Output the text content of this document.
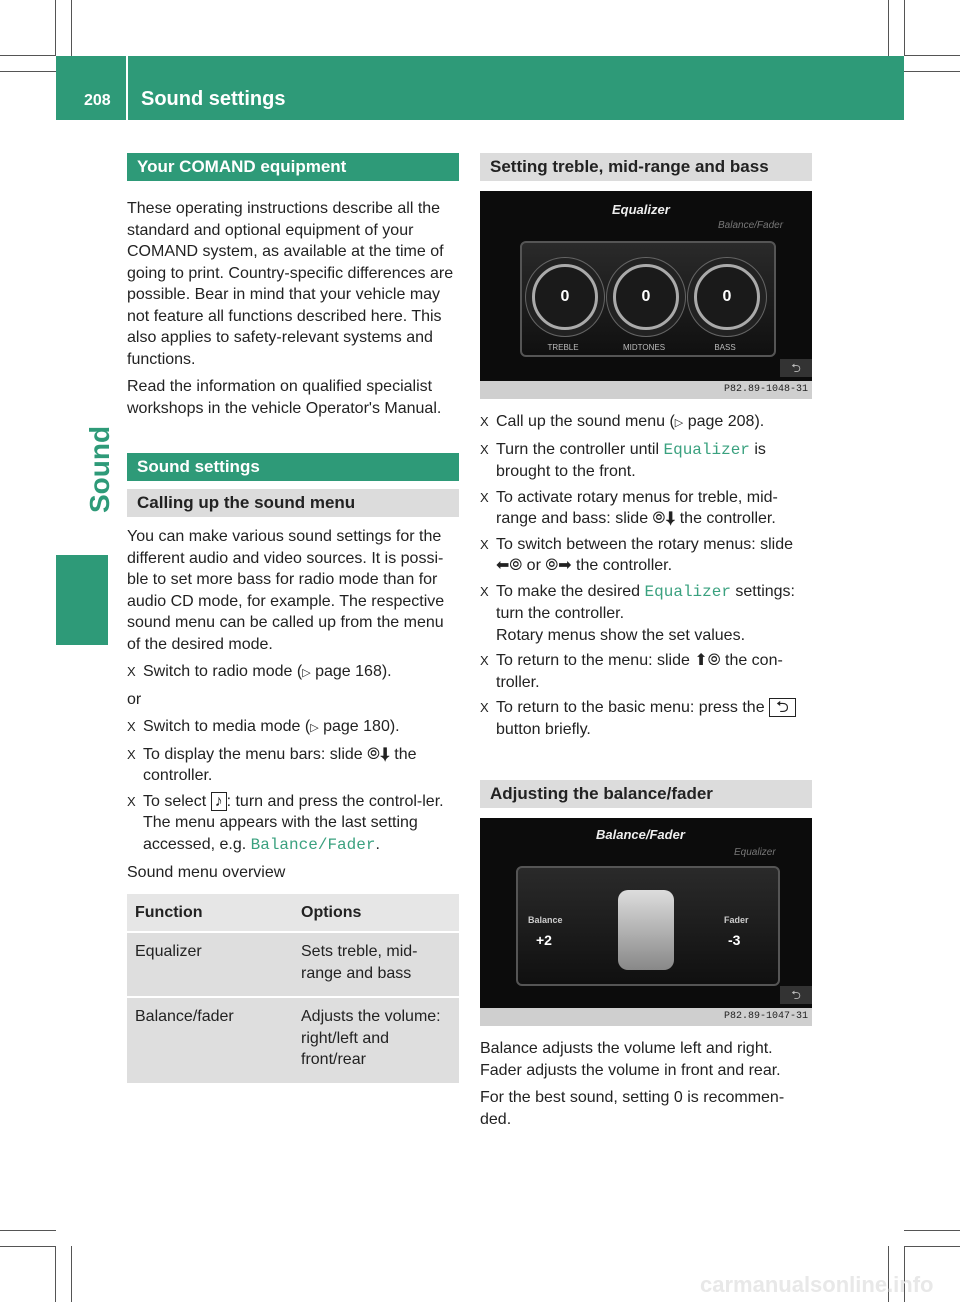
208 Sound settings
Sound
Your COMAND equipment

These operating instructions describe all the standard and optional equipment of your COMAND system, as available at the time of going to print. Country-specific differences are possible. Bear in mind that your vehicle may not feature all functions described here. This also applies to safety-relevant systems and functions.

Read the information on qualified specialist workshops in the vehicle Operator's Manual.

Sound settings
Calling up the sound menu

You can make various sound settings for the different audio and video sources. It is possi-ble to set more bass for radio mode than for audio CD mode, for example. The respective sound menu can be called up from the menu of the desired mode.

X Switch to radio mode (▷ page 168).

or

X Switch to media mode (▷ page 180).
X To display the menu bars: slide ⦾⬇ the
controller.
X To select ♪ : turn and press the control-ler.
The menu appears with the last setting
accessed, e.g. Balance/Fader.

Sound menu overview

Function	Options
Equalizer	Sets treble, mid-range and bass
Balance/fader	Adjusts the volume: right/left and front/rear
Setting treble, mid-range and bass
Equalizer
Balance/Fader
0	0	0
TREBLE	MIDTONES	BASS
⮌
P82.89-1048-31
X Call up the sound menu (▷ page 208).
X Turn the controller until Equalizer is brought to the front.
X To activate rotary menus for treble, mid-range and bass: slide ⦾⬇ the controller.
X To switch between the rotary menus: slide
⬅⦾ or ⦾➡ the controller.
X To make the desired Equalizer settings: turn the controller.
Rotary menus show the set values.
X To return to the menu: slide ⬆⦾ the con-troller.
X To return to the basic menu: press the ⮌
button briefly.
Adjusting the balance/fader
Balance/Fader
Equalizer
Balance
+2
Fader
-3
⮌
P82.89-1047-31

Balance adjusts the volume left and right. Fader adjusts the volume in front and rear.

For the best sound, setting 0 is recommen-ded.

carmanualsonline.info
